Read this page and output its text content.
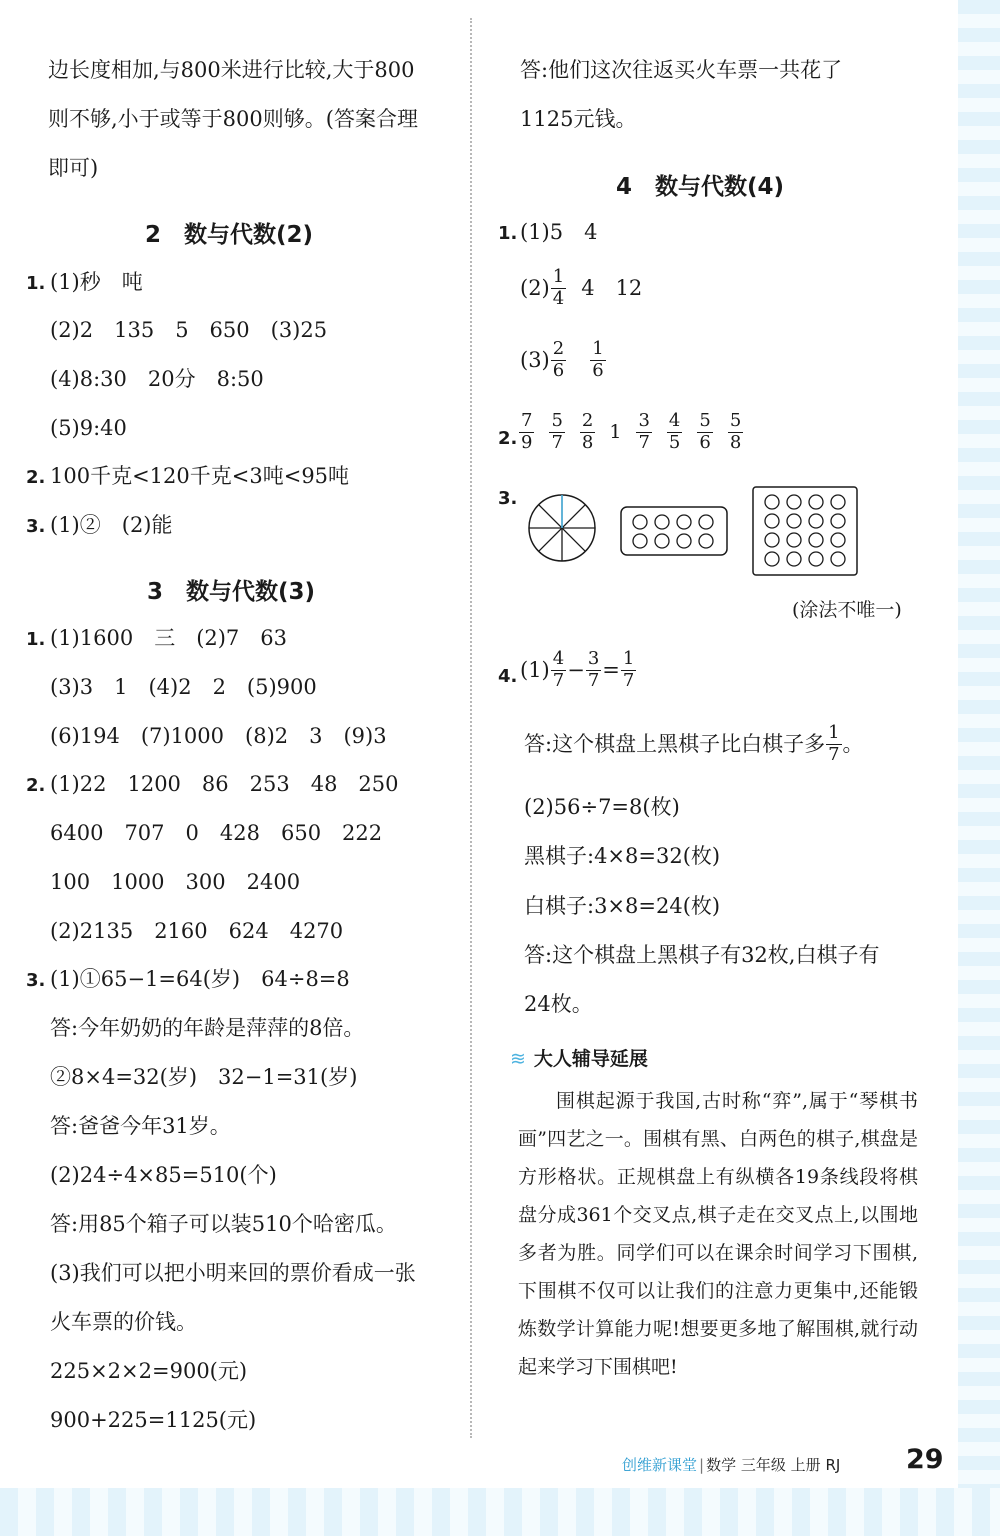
边长度相加,与800米进行比较,大于800
则不够,小于或等于800则够。(答案合理
即可)
2　数与代数(2)
1. (1)秒　吨
(2)2　135　5　650　(3)25
(4)8:30　20分　8:50
(5)9:40
2. 100千克<120千克<3吨<95吨
3. (1)②　(2)能
3　数与代数(3)
1. (1)1600　三　(2)7　63
(3)3　1　(4)2　2　(5)900
(6)194　(7)1000　(8)2　3　(9)3
2. (1)22　1200　86　253　48　250
6400　707　0　428　650　222
100　1000　300　2400
(2)2135　2160　624　4270
3. (1)①65−1=64(岁)　64÷8=8
答:今年奶奶的年龄是萍萍的8倍。
②8×4=32(岁)　32−1=31(岁)
答:爸爸今年31岁。
(2)24÷4×85=510(个)
答:用85个箱子可以装510个哈密瓜。
(3)我们可以把小明来回的票价看成一张
火车票的价钱。
225×2×2=900(元)
900+225=1125(元)
答:他们这次往返买火车票一共花了
1125元钱。
4　数与代数(4)
1. (1)5　4
$(2) \frac{1}{4} 4$　12
$(3) \frac{2}{6} \frac{1}{6}$
2. $\frac{7}{9} \frac{5}{7} \frac{2}{8} 1 \frac{3}{7} \frac{4}{5} \frac{5}{6} \frac{5}{8}$
3.
(涂法不唯一)
4. $(1) \frac{4}{7} - \frac{3}{7} = \frac{1}{7}$
答:这个棋盘上黑棋子比白棋子多 $\frac{1}{7}$ 。
(2)56÷7=8(枚)
黑棋子:4×8=32(枚)
白棋子:3×8=24(枚)
答:这个棋盘上黑棋子有32枚,白棋子有
24枚。
≋ 大人辅导延展
围棋起源于我国,古时称“弈”,属于“琴棋书画”四艺之一。围棋有黑、白两色的棋子,棋盘是方形格状。正规棋盘上有纵横各19条线段将棋盘分成361个交叉点,棋子走在交叉点上,以围地多者为胜。同学们可以在课余时间学习下围棋,下围棋不仅可以让我们的注意力更集中,还能锻炼数学计算能力呢!想要更多地了解围棋,就行动起来学习下围棋吧!
创维新课堂 | 数学 三年级 上册 RJ 29
